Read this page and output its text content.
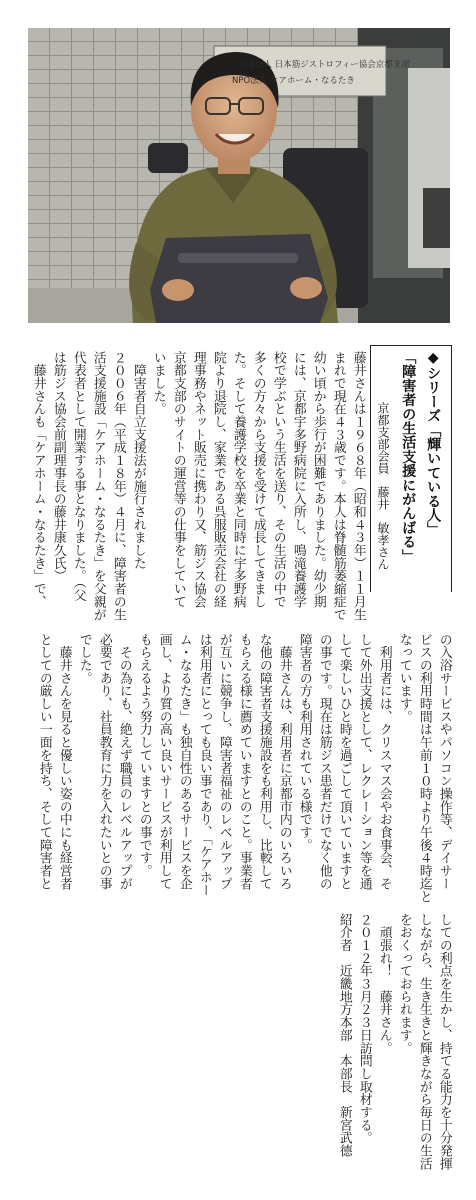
社団法人 日本筋ジストロフィー協会京都支部
NPO法人 ケアホーム・なるたき
◆シリーズ「輝いている人」
「障害者の生活支援にがんばる」
京都支部会員　藤井　敏孝さん
藤井さんは１９６８年（昭和４３年）１１月生
まれで現在４３歳です。本人は脊髄筋萎縮症で
幼い頃から歩行が困難でありました。幼少期
には、京都宇多野病院に入所し、鳴滝養護学
校で学ぶという生活を送り、その生活の中で
多くの方々から支援を受けて成長してきまし
た。そして養護学校を卒業と同時に宇多野病
院より退院し、家業である呉服販売会社の経
理事務やネット販売に携わり又、筋ジス協会
京都支部のサイトの運営等の仕事をしていて
いました。
　障害者自立支援法が施行されました
２００６年（平成１８年）４月に、障害者の生
活支援施設「ケアホーム・なるたき」を父親が
代表者として開業する事となりました。（父
は筋ジス協会前副理事長の藤井康久氏）
　藤井さんも「ケアホーム・なるたき」で、
の入浴サービスやパソコン操作等、デイサー
ビスの利用時間は午前１０時より午後４時迄と
なっています。
　利用者には、クリスマス会やお食事会、そ
して外出支援として、レクレーション等を通
して楽しいひと時を過ごして頂いていますと
の事です。現在は筋ジス患者だけでなく他の
障害者の方も利用されている様です。
　藤井さんは、利用者に京都市内のいろいろ
な他の障害者支援施設をも利用し、比較して
もらえる様に薦めていますとのこと。事業者
が互いに競争し、障害者福祉のレベルアップ
は利用者にとっても良い事であり、「ケアホー
ム・なるたき」も独自性のあるサービスを企
画し、より質の高い良いサービスが利用して
もらえるよう努力していますとの事です。
　その為にも、絶えず職員のレベルアップが
必要であり、社員教育に力を入れたいとの事
でした。
　藤井さんを見ると優しい姿の中にも経営者
としての厳しい一面を持ち、そして障害者と
しての利点を生かし、持てる能力を十分発揮
しながら、生き生きと輝きながら毎日の生活
をおくっておられます。
　頑張れ！　藤井さん。
２０１２年３月２３日訪問し取材する。
紹介者　近畿地方本部　本部長　新宮武德
